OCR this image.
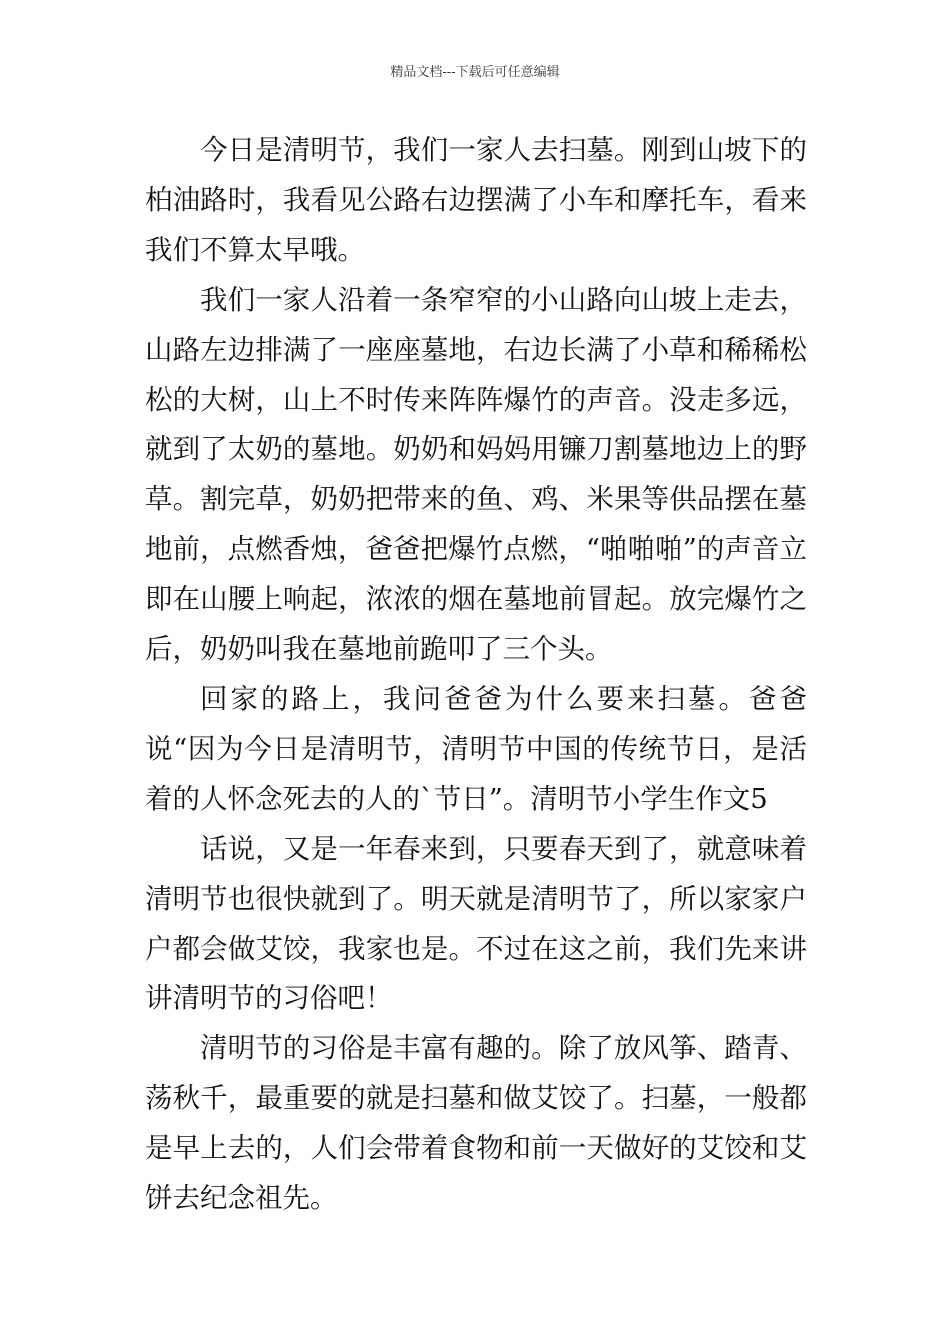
精品文档---下载后可任意编辑

今日是清明节，我们一家人去扫墓。刚到山坡下的柏油路时，我看见公路右边摆满了小车和摩托车，看来我们不算太早哦。

我们一家人沿着一条窄窄的小山路向山坡上走去，山路左边排满了一座座墓地，右边长满了小草和稀稀松松的大树，山上不时传来阵阵爆竹的声音。没走多远，就到了太奶的墓地。奶奶和妈妈用镰刀割墓地边上的野草。割完草，奶奶把带来的鱼、鸡、米果等供品摆在墓地前，点燃香烛，爸爸把爆竹点燃，“啪啪啪”的声音立即在山腰上响起，浓浓的烟在墓地前冒起。放完爆竹之后，奶奶叫我在墓地前跪叩了三个头。

回家的路上，我问爸爸为什么要来扫墓。爸爸说“因为今日是清明节，清明节中国的传统节日，是活着的人怀念死去的人的`节日”。清明节小学生作文5

话说，又是一年春来到，只要春天到了，就意味着清明节也很快就到了。明天就是清明节了，所以家家户户都会做艾饺，我家也是。不过在这之前，我们先来讲讲清明节的习俗吧！

清明节的习俗是丰富有趣的。除了放风筝、踏青、荡秋千，最重要的就是扫墓和做艾饺了。扫墓，一般都是早上去的，人们会带着食物和前一天做好的艾饺和艾饼去纪念祖先。
